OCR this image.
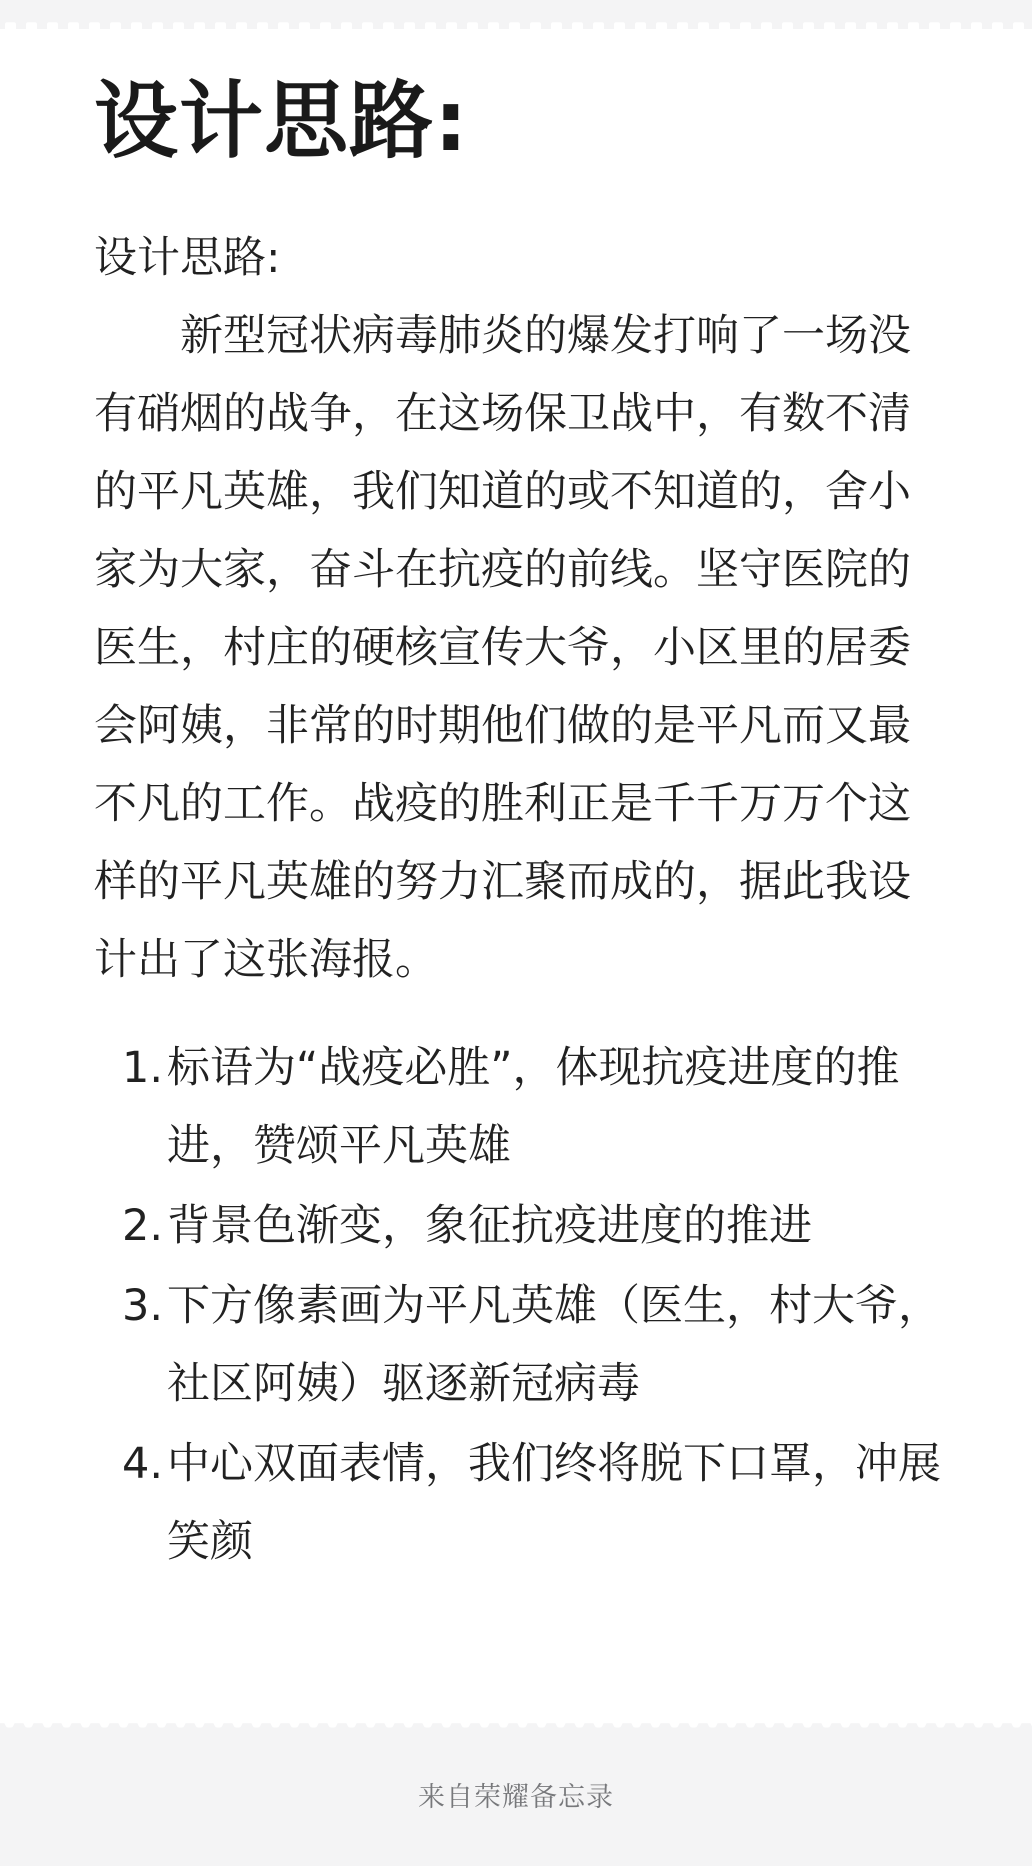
设计思路:

设计思路:

新型冠状病毒肺炎的爆发打响了一场没有硝烟的战争，在这场保卫战中，有数不清的平凡英雄，我们知道的或不知道的，舍小家为大家，奋斗在抗疫的前线。坚守医院的医生，村庄的硬核宣传大爷，小区里的居委会阿姨，非常的时期他们做的是平凡而又最不凡的工作。战疫的胜利正是千千万万个这样的平凡英雄的努力汇聚而成的，据此我设计出了这张海报。

1. 标语为“战疫必胜”，体现抗疫进度的推进，赞颂平凡英雄
2. 背景色渐变，象征抗疫进度的推进
3. 下方像素画为平凡英雄（医生，村大爷，社区阿姨）驱逐新冠病毒
4. 中心双面表情，我们终将脱下口罩，冲展笑颜
来自荣耀备忘录
